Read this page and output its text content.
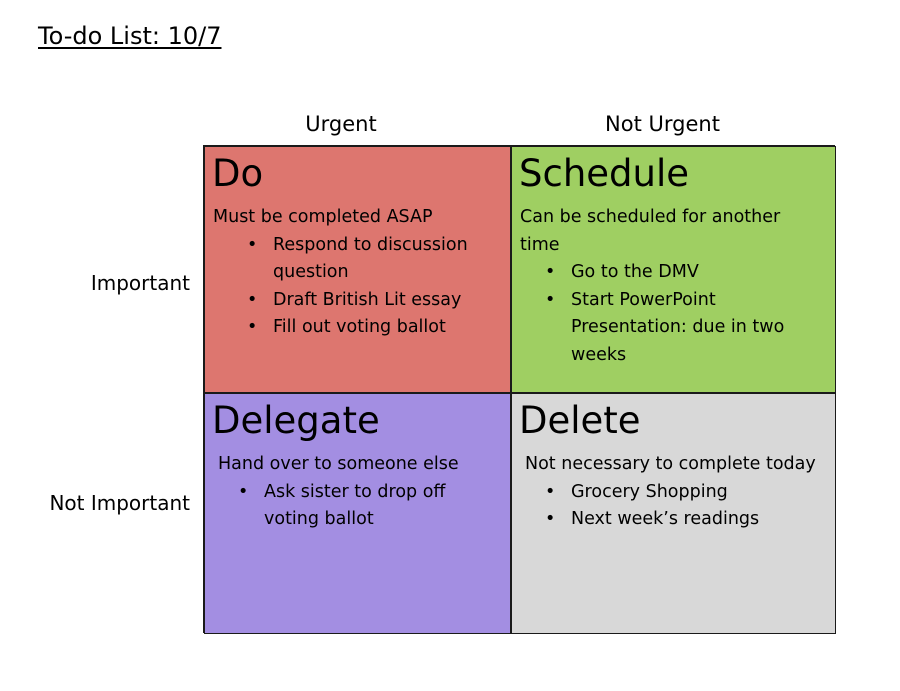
To-do List: 10/7
Urgent	Not Urgent
Important
Not Important
Do
Must be completed ASAP
• Respond to discussion question
• Draft British Lit essay
• Fill out voting ballot
Schedule
Can be scheduled for another time
• Go to the DMV
• Start PowerPoint Presentation: due in two weeks
Delegate
Hand over to someone else
• Ask sister to drop off voting ballot
Delete
Not necessary to complete today
• Grocery Shopping
• Next week’s readings
